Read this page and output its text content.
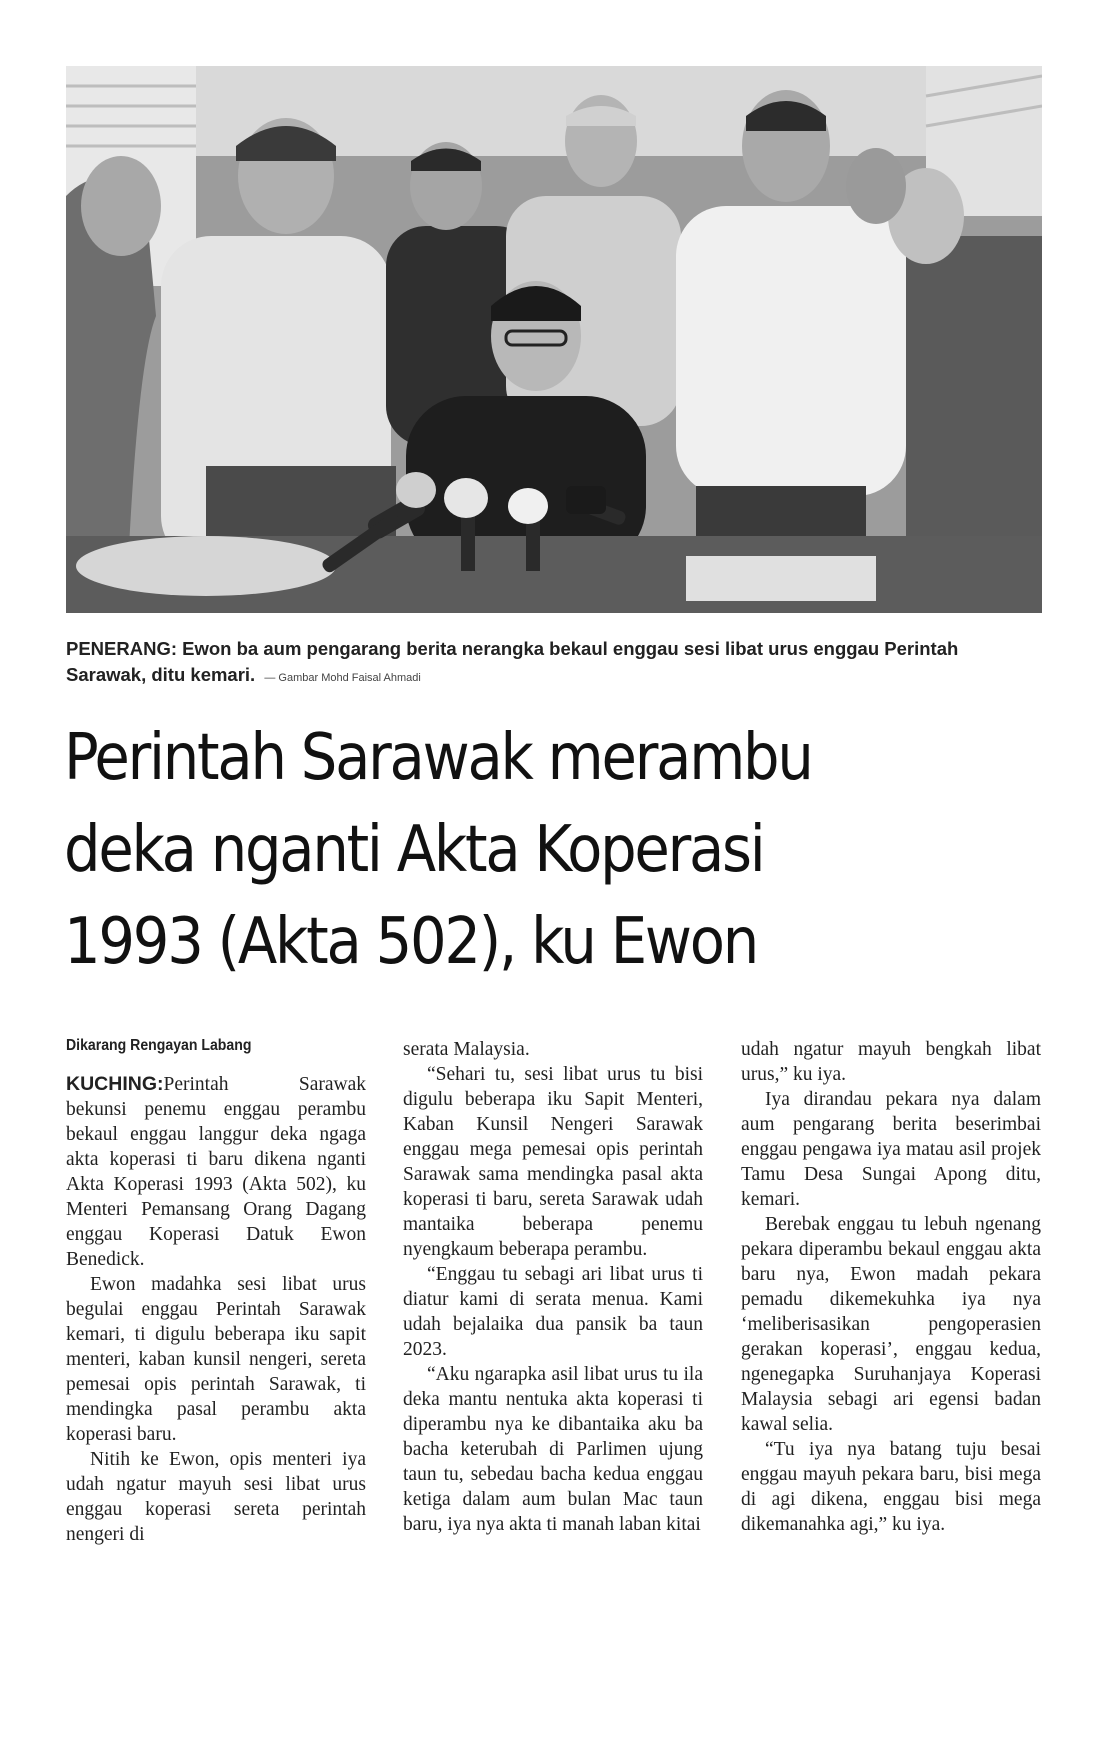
PENERANG: Ewon ba aum pengarang berita nerangka bekaul enggau sesi libat urus enggau Perintah Sarawak, ditu kemari. — Gambar Mohd Faisal Ahmadi
Perintah Sarawak merambu
deka nganti Akta Koperasi
1993 (Akta 502), ku Ewon
Dikarang Rengayan Labang

KUCHING:Perintah Sarawak bekunsi penemu enggau perambu bekaul enggau langgur deka ngaga akta koperasi ti baru dikena nganti Akta Koperasi 1993 (Akta 502), ku Menteri Pemansang Orang Dagang enggau Koperasi Datuk Ewon Benedick.

Ewon madahka sesi libat urus begulai enggau Perintah Sarawak kemari, ti digulu beberapa iku sapit menteri, kaban kunsil nengeri, sereta pemesai opis perintah Sarawak, ti mendingka pasal perambu akta koperasi baru.

Nitih ke Ewon, opis menteri iya udah ngatur mayuh sesi libat urus enggau koperasi sereta perintah nengeri di

serata Malaysia.

“Sehari tu, sesi libat urus tu bisi digulu beberapa iku Sapit Menteri, Kaban Kunsil Nengeri Sarawak enggau mega pemesai opis perintah Sarawak sama mendingka pasal akta koperasi ti baru, sereta Sarawak udah mantaika beberapa penemu nyengkaum beberapa perambu.

“Enggau tu sebagi ari libat urus ti diatur kami di serata menua. Kami udah bejalaika dua pansik ba taun 2023.

“Aku ngarapka asil libat urus tu ila deka mantu nentuka akta koperasi ti diperambu nya ke dibantaika aku ba bacha keterubah di Parlimen ujung taun tu, sebedau bacha kedua enggau ketiga dalam aum bulan Mac taun baru, iya nya akta ti manah laban kitai

udah ngatur mayuh bengkah libat urus,” ku iya.

Iya dirandau pekara nya dalam aum pengarang berita beserimbai enggau pengawa iya matau asil projek Tamu Desa Sungai Apong ditu, kemari.

Berebak enggau tu lebuh ngenang pekara diperambu bekaul enggau akta baru nya, Ewon madah pekara pemadu dikemekuhka iya nya ‘meliberisasikan pengoperasien gerakan koperasi’, enggau kedua, ngenegapka Suruhanjaya Koperasi Malaysia sebagi ari egensi badan kawal selia.

“Tu iya nya batang tuju besai enggau mayuh pekara baru, bisi mega di agi dikena, enggau bisi mega dikemanahka agi,” ku iya.
